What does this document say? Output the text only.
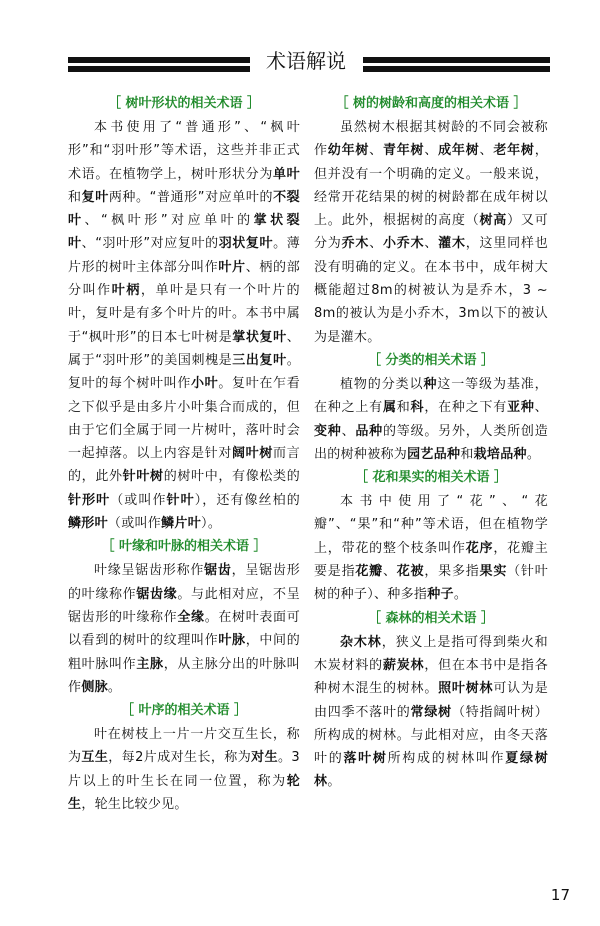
术语解说
［ 树叶形状的相关术语 ］

本书使用了“普通形”、“枫叶形”和“羽叶形”等术语，这些并非正式术语。在植物学上，树叶形状分为单叶和复叶两种。“普通形”对应单叶的不裂叶、“枫叶形”对应单叶的掌状裂叶、“羽叶形”对应复叶的羽状复叶。薄片形的树叶主体部分叫作叶片、柄的部分叫作叶柄，单叶是只有一个叶片的叶，复叶是有多个叶片的叶。本书中属于“枫叶形”的日本七叶树是掌状复叶、属于“羽叶形”的美国刺槐是三出复叶。复叶的每个树叶叫作小叶。复叶在乍看之下似乎是由多片小叶集合而成的，但由于它们全属于同一片树叶，落叶时会一起掉落。以上内容是针对阔叶树而言的，此外针叶树的树叶中，有像松类的针形叶（或叫作针叶），还有像丝柏的鳞形叶（或叫作鳞片叶）。

［ 叶缘和叶脉的相关术语 ］

叶缘呈锯齿形称作锯齿，呈锯齿形的叶缘称作锯齿缘。与此相对应，不呈锯齿形的叶缘称作全缘。在树叶表面可以看到的树叶的纹理叫作叶脉，中间的粗叶脉叫作主脉，从主脉分出的叶脉叫作侧脉。

［ 叶序的相关术语 ］

叶在树枝上一片一片交互生长，称为互生，每2片成对生长，称为对生。3片以上的叶生长在同一位置，称为轮生，轮生比较少见。

［ 树的树龄和高度的相关术语 ］

虽然树木根据其树龄的不同会被称作幼年树、青年树、成年树、老年树，但并没有一个明确的定义。一般来说，经常开花结果的树的树龄都在成年树以上。此外，根据树的高度（树高）又可分为乔木、小乔木、灌木，这里同样也没有明确的定义。在本书中，成年树大概能超过8m的树被认为是乔木，3 ~ 8m的被认为是小乔木，3m以下的被认为是灌木。

［ 分类的相关术语 ］

植物的分类以种这一等级为基准，在种之上有属和科，在种之下有亚种、变种、品种的等级。另外，人类所创造出的树种被称为园艺品种和栽培品种。

［ 花和果实的相关术语 ］

本书中使用了“花”、“花瓣”、“果”和“种”等术语，但在植物学上，带花的整个枝条叫作花序，花瓣主要是指花瓣、花被，果多指果实（针叶树的种子）、种多指种子。

［ 森林的相关术语 ］

杂木林，狭义上是指可得到柴火和木炭材料的薪炭林，但在本书中是指各种树木混生的树林。照叶树林可认为是由四季不落叶的常绿树（特指阔叶树）所构成的树林。与此相对应，由冬天落叶的落叶树所构成的树林叫作夏绿树林。

17
